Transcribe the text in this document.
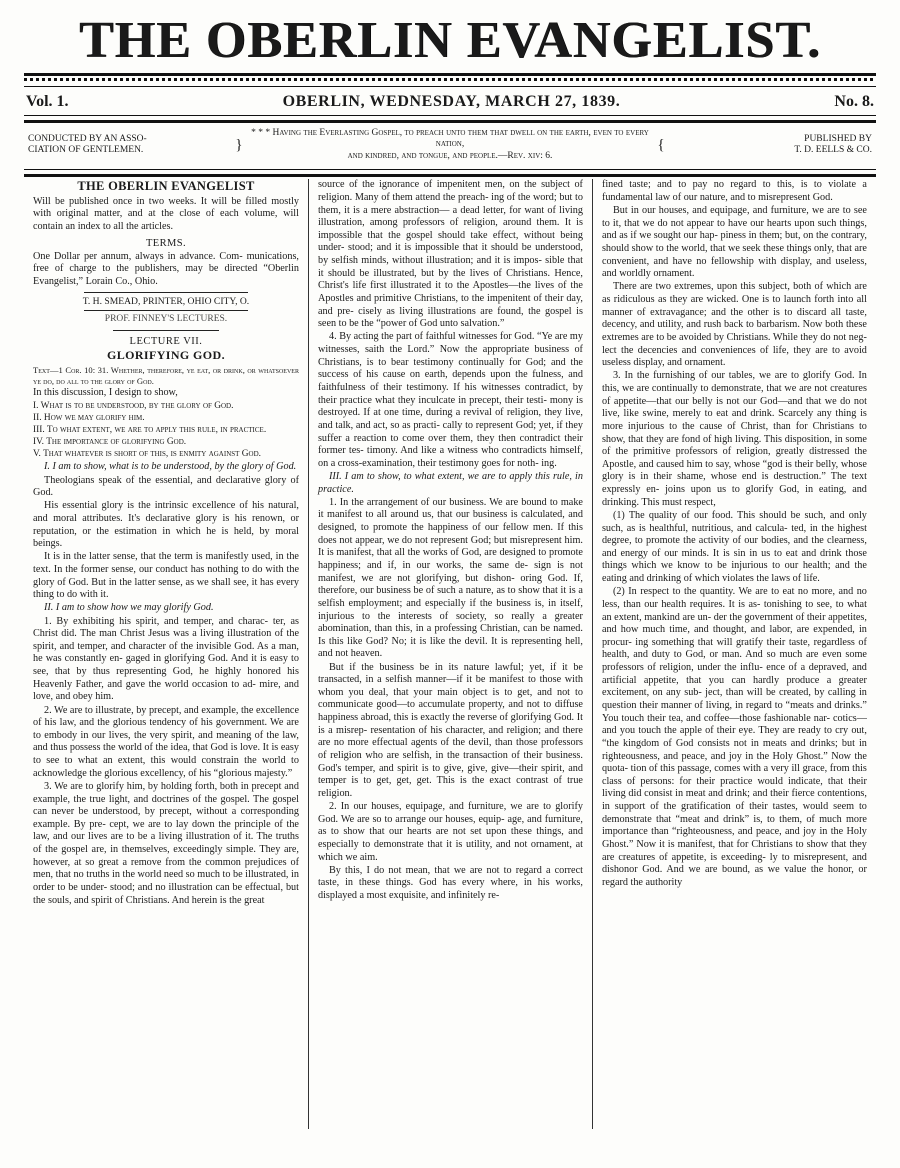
THE OBERLIN EVANGELIST.
Vol. 1.	OBERLIN, WEDNESDAY, MARCH 27, 1839.	No. 8.
CONDUCTED BY AN ASSO-
CIATION OF GENTLEMEN.	}
* * * Having the Everlasting Gospel, to preach unto them that dwell on the earth, even to every nation,
and kindred, and tongue, and people.—Rev. xiv: 6.
{	PUBLISHED BY
T. D. EELLS & CO.
THE OBERLIN EVANGELIST

Will be published once in two weeks. It will be filled mostly with original matter, and at the close of each volume, will contain an index to all the articles.

TERMS.

One Dollar per annum, always in advance. Com- munications, free of charge to the publishers, may be directed “Oberlin Evangelist,” Lorain Co., Ohio.

T. H. SMEAD, PRINTER, OHIO CITY, O.

PROF. FINNEY'S LECTURES.
LECTURE VII.
GLORIFYING GOD.

Text—1 Cor. 10: 31. Whether, therefore, ye eat, or drink, or whatsoever ye do, do all to the glory of God.

In this discussion, I design to show,

I. What is to be understood, by the glory of God.

II. How we may glorify him.

III. To what extent, we are to apply this rule, in practice.

IV. The importance of glorifying God.

V. That whatever is short of this, is enmity against God.

I. I am to show, what is to be understood, by the glory of God.

Theologians speak of the essential, and declarative glory of God.

His essential glory is the intrinsic excellence of his natural, and moral attributes. It's declarative glory is his renown, or reputation, or the estimation in which he is held, by moral beings.

It is in the latter sense, that the term is manifestly used, in the text. In the former sense, our conduct has nothing to do with the glory of God. But in the latter sense, as we shall see, it has every thing to do with it.

II. I am to show how we may glorify God.

1. By exhibiting his spirit, and temper, and charac- ter, as Christ did. The man Christ Jesus was a living illustration of the spirit, and temper, and character of the invisible God. As a man, he was constantly en- gaged in glorifying God. And it is easy to see, that by thus representing God, he highly honored his Heavenly Father, and gave the world occasion to ad- mire, and love, and obey him.

2. We are to illustrate, by precept, and example, the excellence of his law, and the glorious tendency of his government. We are to embody in our lives, the very spirit, and meaning of the law, and thus possess the world of the idea, that God is love. It is easy to see to what an extent, this would constrain the world to acknowledge the glorious excellency, of his “glorious majesty.”

3. We are to glorify him, by holding forth, both in precept and example, the true light, and doctrines of the gospel. The gospel can never be understood, by precept, without a corresponding example. By pre- cept, we are to lay down the principle of the law, and our lives are to be a living illustration of it. The truths of the gospel are, in themselves, exceedingly simple. They are, however, at so great a remove from the common prejudices of men, that no truths in the world need so much to be illustrated, in order to be under- stood; and no illustration can be effectual, but the souls, and spirit of Christians. And herein is the great

source of the ignorance of impenitent men, on the subject of religion. Many of them attend the preach- ing of the word; but to them, it is a mere abstraction— a dead letter, for want of living illustration, among professors of religion, around them. It is impossible that the gospel should take effect, without being under- stood; and it is impossible that it should be understood, by selfish minds, without illustration; and it is impos- sible that it should be illustrated, but by the lives of Christians. Hence, Christ's life first illustrated it to the Apostles—the lives of the Apostles and primitive Christians, to the impenitent of their day, and pre- cisely as living illustrations are found, the gospel is seen to be the “power of God unto salvation.”

4. By acting the part of faithful witnesses for God. “Ye are my witnesses, saith the Lord.” Now the appropriate business of Christians, is to bear testimony continually for God; and the success of his cause on earth, depends upon the fulness, and faithfulness of their testimony. If his witnesses contradict, by their practice what they inculcate in precept, their testi- mony is destroyed. If at one time, during a revival of religion, they live, and talk, and act, so as practi- cally to represent God; yet, if they suffer a reaction to come over them, they then contradict their former tes- timony. And like a witness who contradicts himself, on a cross-examination, their testimony goes for noth- ing.

III. I am to show, to what extent, we are to apply this rule, in practice.

1. In the arrangement of our business. We are bound to make it manifest to all around us, that our business is calculated, and designed, to promote the happiness of our fellow men. If this does not appear, we do not represent God; but misrepresent him. It is manifest, that all the works of God, are designed to promote happiness; and if, in our works, the same de- sign is not manifest, we are not glorifying, but dishon- oring God. If, therefore, our business be of such a nature, as to show that it is a selfish employment; and especially if the business is, in itself, injurious to the interests of society, so really a greater abomination, than this, in a professing Christian, can be named. Is this like God? No; it is like the devil. It is representing hell, and not heaven.

But if the business be in its nature lawful; yet, if it be transacted, in a selfish manner—if it be manifest to those with whom you deal, that your main object is to get, and not to communicate good—to accumulate property, and not to diffuse happiness abroad, this is exactly the reverse of glorifying God. It is a misrep- resentation of his character, and religion; and there are no more effectual agents of the devil, than those professors of religion who are selfish, in the transaction of their business. God's temper, and spirit is to give, give, give—their spirit, and temper is to get, get, get. This is the exact contrast of true religion.

2. In our houses, equipage, and furniture, we are to glorify God. We are so to arrange our houses, equip- age, and furniture, as to show that our hearts are not set upon these things, and especially to demonstrate that it is utility, and not ornament, at which we aim.

By this, I do not mean, that we are not to regard a correct taste, in these things. God has every where, in his works, displayed a most exquisite, and infinitely re-

fined taste; and to pay no regard to this, is to violate a fundamental law of our nature, and to misrepresent God.

But in our houses, and equipage, and furniture, we are to see to it, that we do not appear to have our hearts upon such things, and as if we sought our hap- piness in them; but, on the contrary, should show to the world, that we seek these things only, that are convenient, and have no fellowship with display, and useless, and worldly ornament.

There are two extremes, upon this subject, both of which are as ridiculous as they are wicked. One is to launch forth into all manner of extravagance; and the other is to discard all taste, decency, and utility, and rush back to barbarism. Now both these extremes are to be avoided by Christians. While they do not neg- lect the decencies and conveniences of life, they are to avoid useless display, and ornament.

3. In the furnishing of our tables, we are to glorify God. In this, we are continually to demonstrate, that we are not creatures of appetite—that our belly is not our God—and that we do not live, like swine, merely to eat and drink. Scarcely any thing is more injurious to the cause of Christ, than for Christians to show, that they are fond of high living. This disposition, in some of the primitive professors of religion, greatly distressed the Apostle, and caused him to say, whose “god is their belly, whose glory is in their shame, whose end is destruction.” The text expressly en- joins upon us to glorify God, in eating, and drinking. This must respect,

(1) The quality of our food. This should be such, and only such, as is healthful, nutritious, and calcula- ted, in the highest degree, to promote the activity of our bodies, and the clearness, and energy of our minds. It is sin in us to eat and drink those things which we know to be injurious to our health; and the eating and drinking of which violates the laws of life.

(2) In respect to the quantity. We are to eat no more, and no less, than our health requires. It is as- tonishing to see, to what an extent, mankind are un- der the government of their appetites, and how much time, and thought, and labor, are expended, in procur- ing something that will gratify their taste, regardless of health, and duty to God, or man. And so much are even some professors of religion, under the influ- ence of a depraved, and artificial appetite, that you can hardly produce a greater excitement, on any sub- ject, than will be created, by calling in question their manner of living, in regard to “meats and drinks.” You touch their tea, and coffee—those fashionable nar- cotics—and you touch the apple of their eye. They are ready to cry out, “the kingdom of God consists not in meats and drinks; but in righteousness, and peace, and joy in the Holy Ghost.” Now the quota- tion of this passage, comes with a very ill grace, from this class of persons: for their practice would indicate, that their living did consist in meat and drink; and their fierce contentions, in support of the gratification of their tastes, would seem to demonstrate that “meat and drink” is, to them, of much more importance than “righteousness, and peace, and joy in the Holy Ghost.” Now it is manifest, that for Christians to show that they are creatures of appetite, is exceeding- ly to misrepresent, and dishonor God. And we are bound, as we value the honor, or regard the authority
